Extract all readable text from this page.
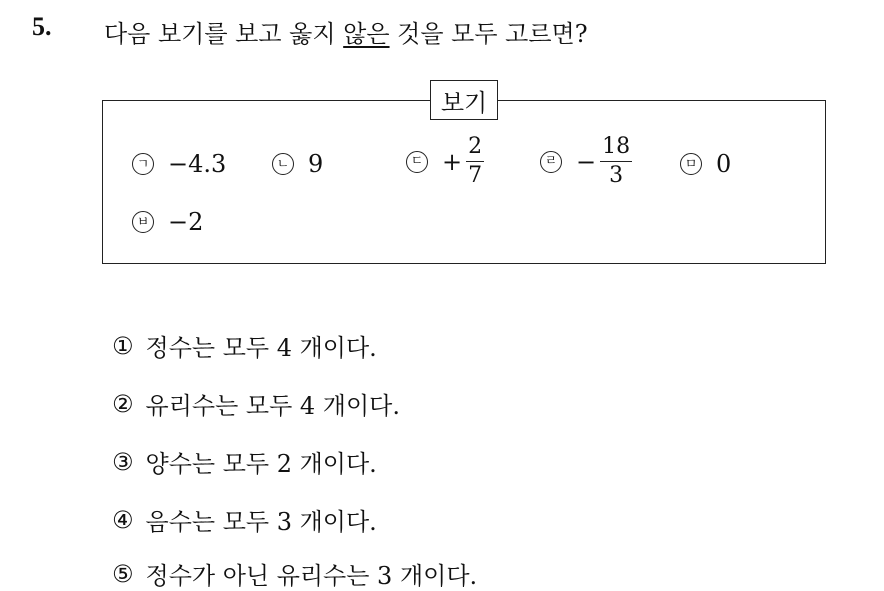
5. 다음 보기를 보고 옳지 않은 것을 모두 고르면?
보기
ㄱ −4.3	ㄴ 9	ㄷ + $\frac{2}{7}$	ㄹ − $\frac{18}{3}$	ㅁ 0
ㅂ −2
① 정수는 모두 4 개이다.
② 유리수는 모두 4 개이다.
③ 양수는 모두 2 개이다.
④ 음수는 모두 3 개이다.
⑤ 정수가 아닌 유리수는 3 개이다.
